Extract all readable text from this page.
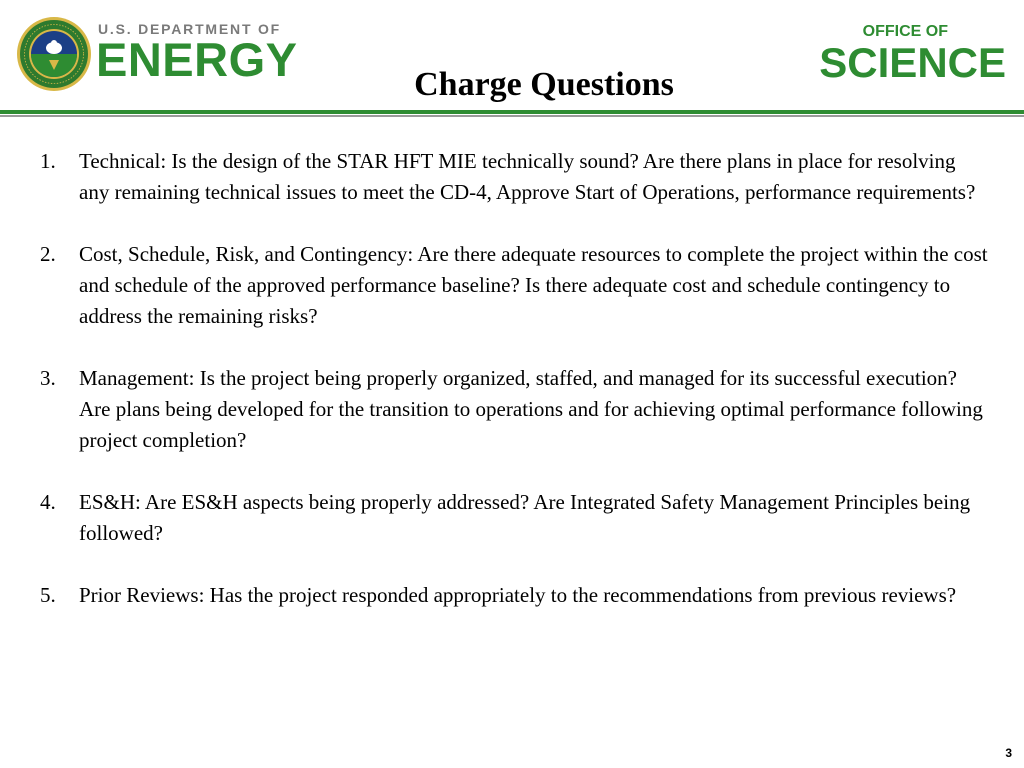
U.S. DEPARTMENT OF
ENERGY	Charge Questions
OFFICE OF
SCIENCE
1. Technical: Is the design of the STAR HFT MIE technically sound? Are there plans in place for resolving any remaining technical issues to meet the CD-4, Approve Start of Operations, performance requirements?
2. Cost, Schedule, Risk, and Contingency: Are there adequate resources to complete the project within the cost and schedule of the approved performance baseline? Is there adequate cost and schedule contingency to address the remaining risks?
3. Management: Is the project being properly organized, staffed, and managed for its successful execution? Are plans being developed for the transition to operations and for achieving optimal performance following project completion?
4. ES&H: Are ES&H aspects being properly addressed? Are Integrated Safety Management Principles being followed?
5. Prior Reviews: Has the project responded appropriately to the recommendations from previous reviews?
3
